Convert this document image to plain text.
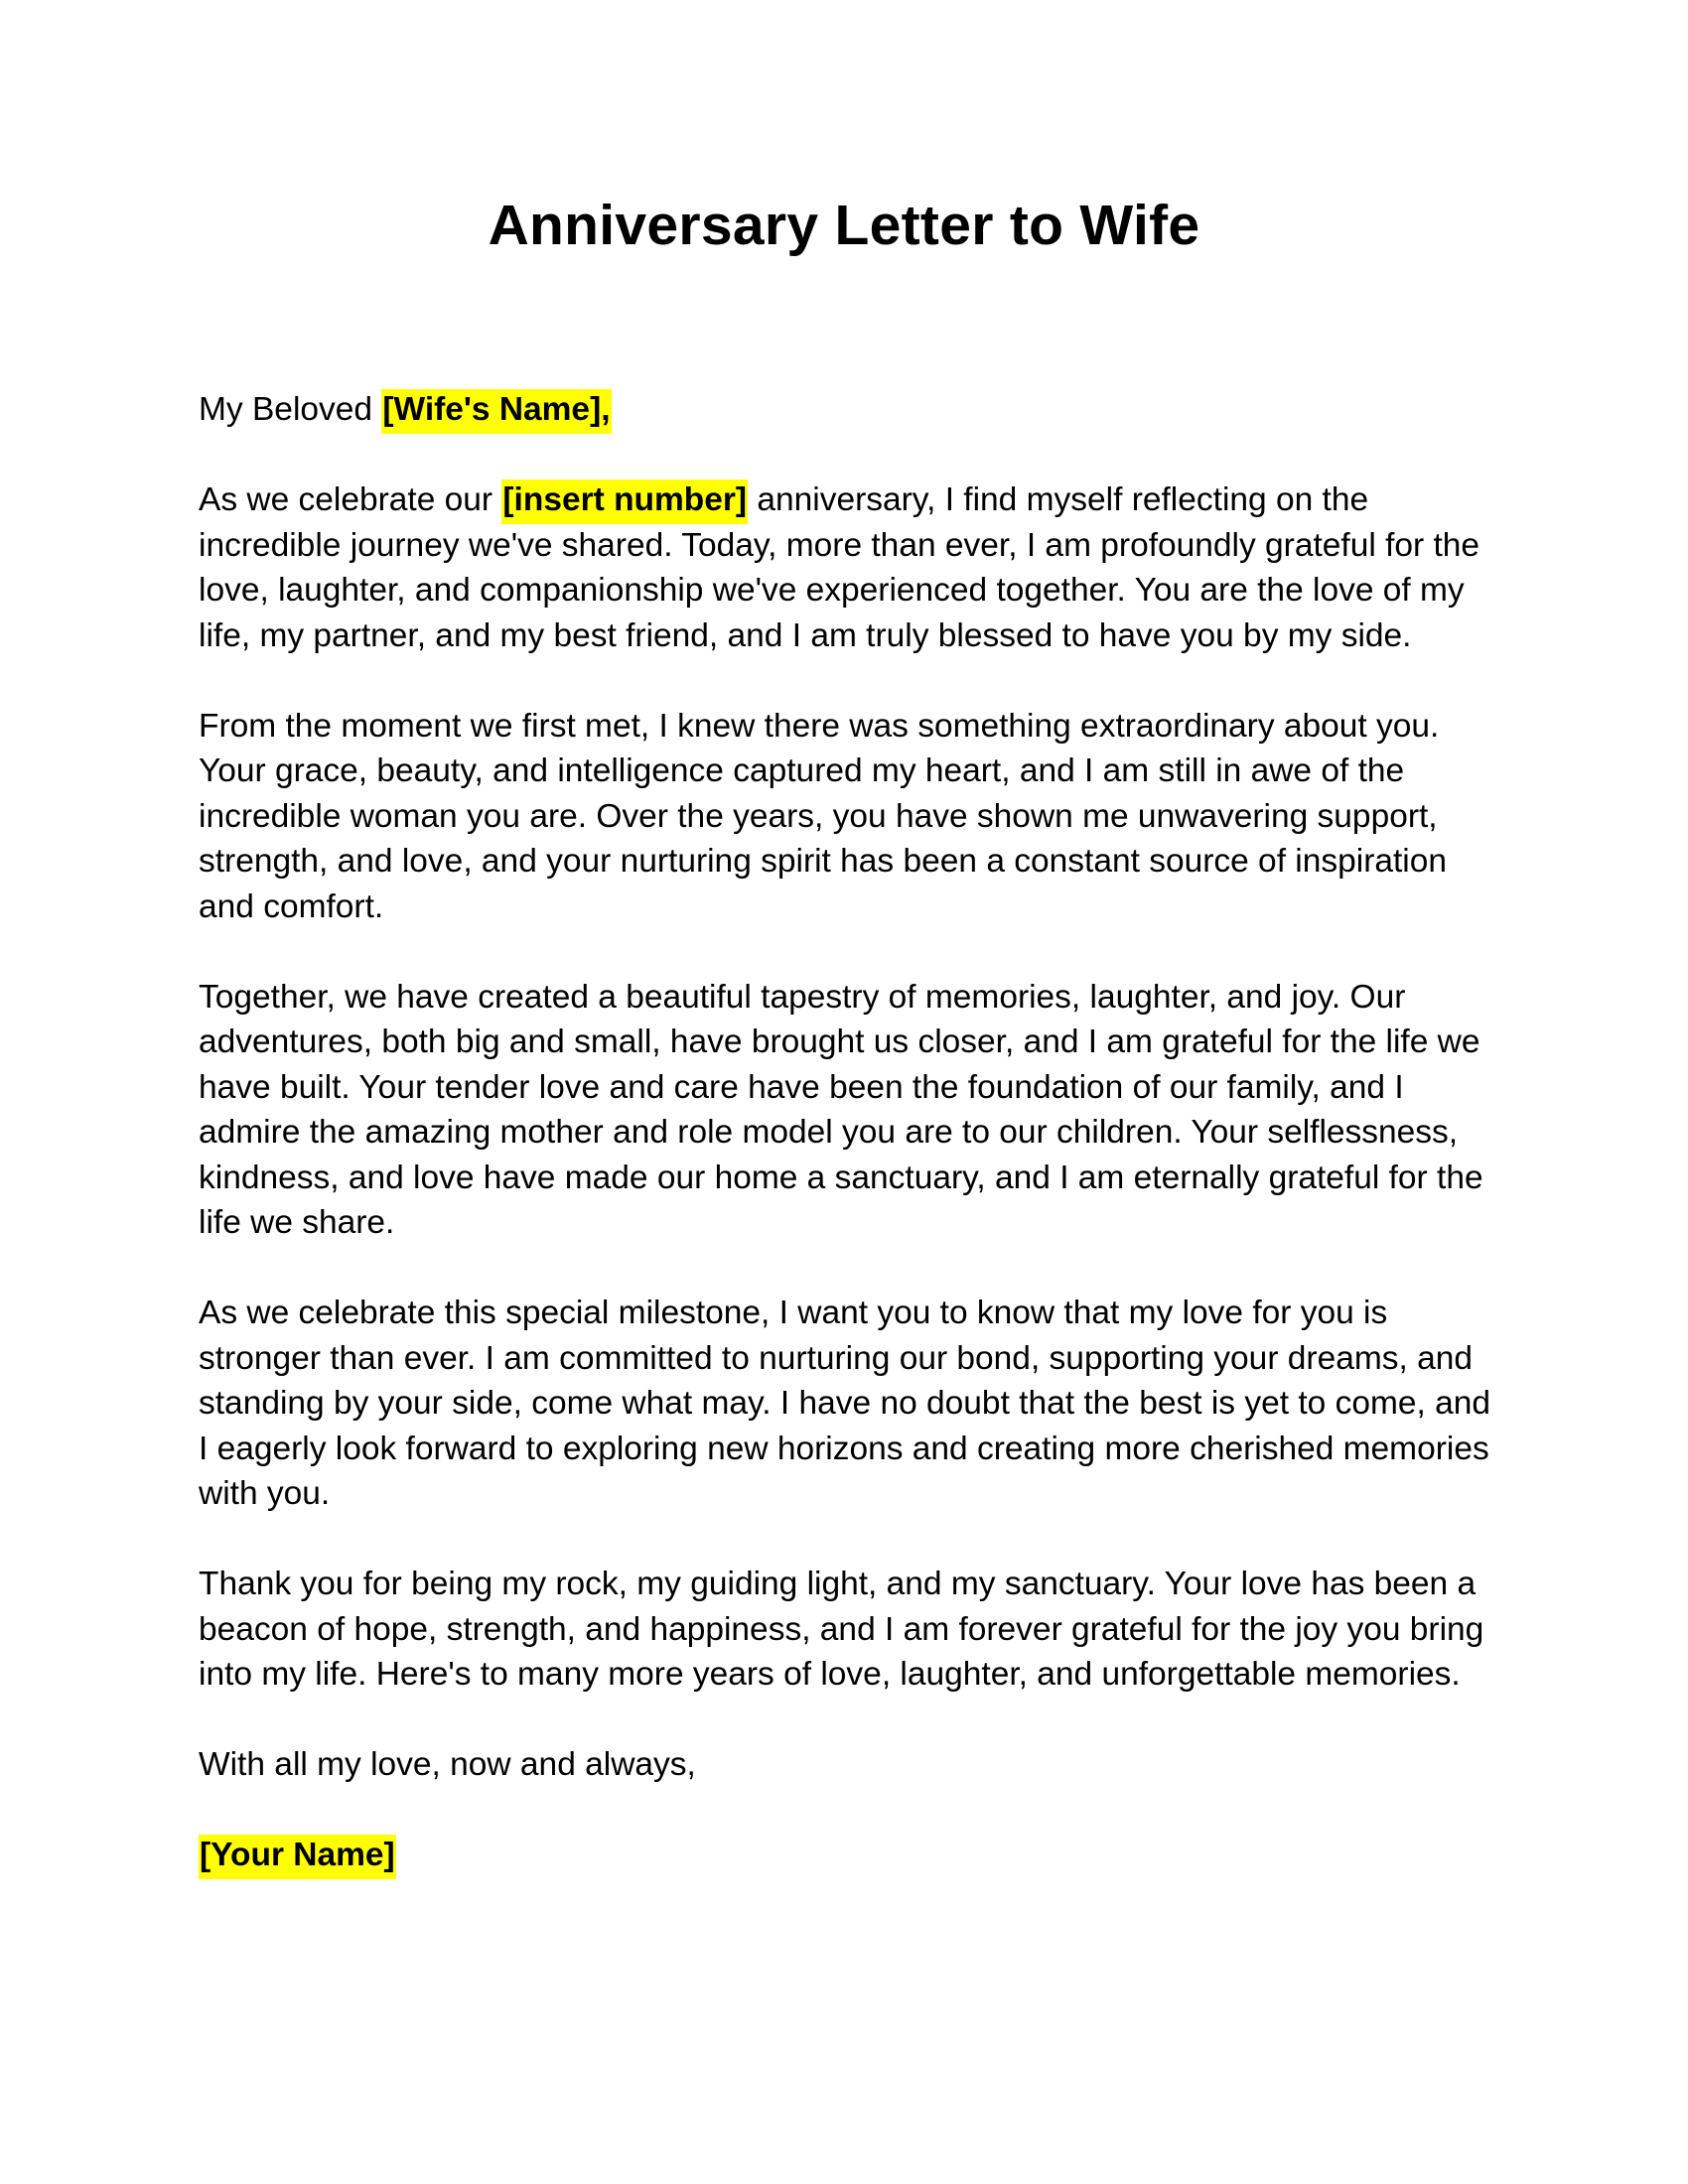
Anniversary Letter to Wife

My Beloved [Wife's Name],

As we celebrate our [insert number] anniversary, I find myself reflecting on the incredible journey we've shared. Today, more than ever, I am profoundly grateful for the love, laughter, and companionship we've experienced together. You are the love of my life, my partner, and my best friend, and I am truly blessed to have you by my side.

From the moment we first met, I knew there was something extraordinary about you. Your grace, beauty, and intelligence captured my heart, and I am still in awe of the incredible woman you are. Over the years, you have shown me unwavering support, strength, and love, and your nurturing spirit has been a constant source of inspiration and comfort.

Together, we have created a beautiful tapestry of memories, laughter, and joy. Our adventures, both big and small, have brought us closer, and I am grateful for the life we have built. Your tender love and care have been the foundation of our family, and I admire the amazing mother and role model you are to our children. Your selflessness, kindness, and love have made our home a sanctuary, and I am eternally grateful for the life we share.

As we celebrate this special milestone, I want you to know that my love for you is stronger than ever. I am committed to nurturing our bond, supporting your dreams, and standing by your side, come what may. I have no doubt that the best is yet to come, and I eagerly look forward to exploring new horizons and creating more cherished memories with you.

Thank you for being my rock, my guiding light, and my sanctuary. Your love has been a beacon of hope, strength, and happiness, and I am forever grateful for the joy you bring into my life. Here's to many more years of love, laughter, and unforgettable memories.

With all my love, now and always,

[Your Name]
